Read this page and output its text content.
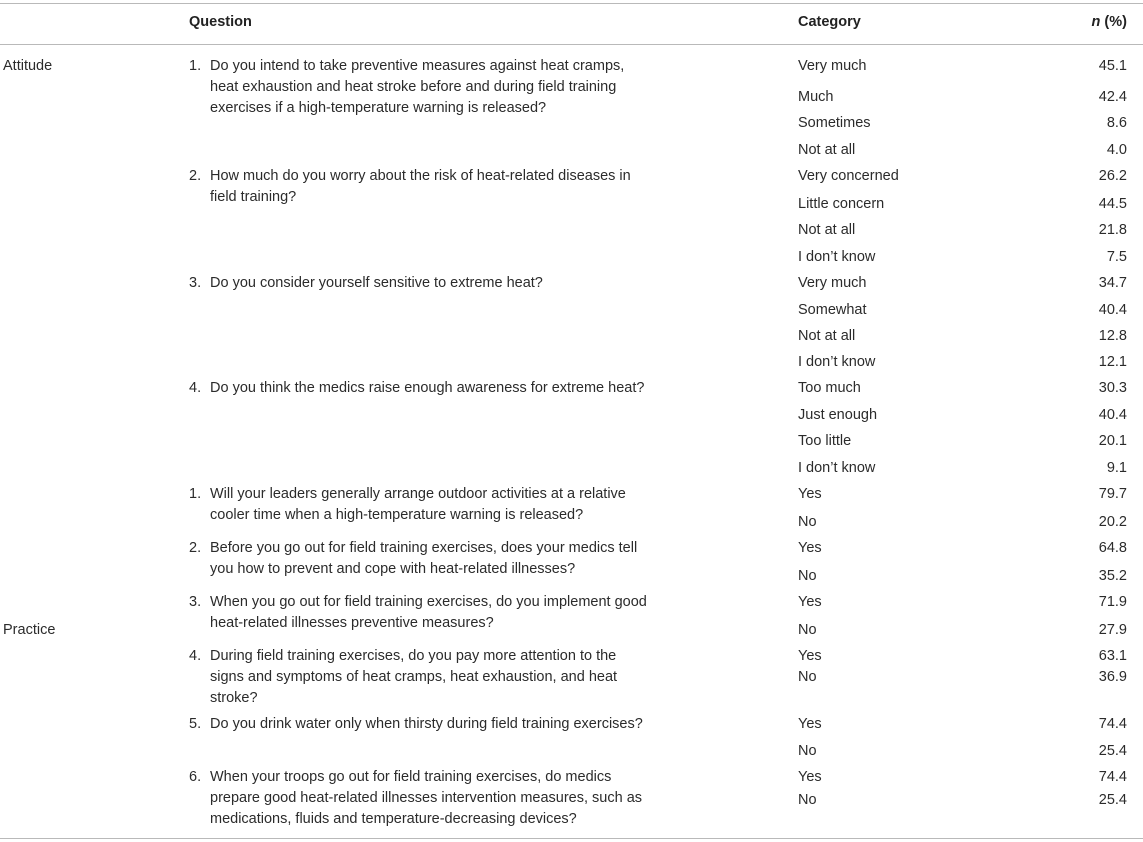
Question	Category	n (%)
Attitude	1. Do you intend to take preventive measures against heat cramps,
heat exhaustion and heat stroke before and during field training
exercises if a high-temperature warning is released?
Very much	45.1
Much	42.4
Sometimes	8.6
Not at all	4.0
2. How much do you worry about the risk of heat-related diseases in
field training?
Very concerned	26.2
Little concern	44.5
Not at all	21.8
I don’t know	7.5
3. Do you consider yourself sensitive to extreme heat?	Very much	34.7
Somewhat	40.4
Not at all	12.8
I don’t know	12.1
4. Do you think the medics raise enough awareness for extreme heat?	Too much	30.3
Just enough	40.4
Too little	20.1
I don’t know	9.1
Practice
1. Will your leaders generally arrange outdoor activities at a relative
cooler time when a high-temperature warning is released?
Yes	79.7
No	20.2
2. Before you go out for field training exercises, does your medics tell
you how to prevent and cope with heat-related illnesses?
Yes	64.8
No	35.2
3. When you go out for field training exercises, do you implement good
heat-related illnesses preventive measures?
Yes	71.9
No	27.9
4. During field training exercises, do you pay more attention to the
signs and symptoms of heat cramps, heat exhaustion, and heat
stroke?
Yes	63.1
No	36.9
5. Do you drink water only when thirsty during field training exercises?	Yes	74.4
No	25.4
6. When your troops go out for field training exercises, do medics
prepare good heat-related illnesses intervention measures, such as
medications, fluids and temperature-decreasing devices?
Yes	74.4
No	25.4
